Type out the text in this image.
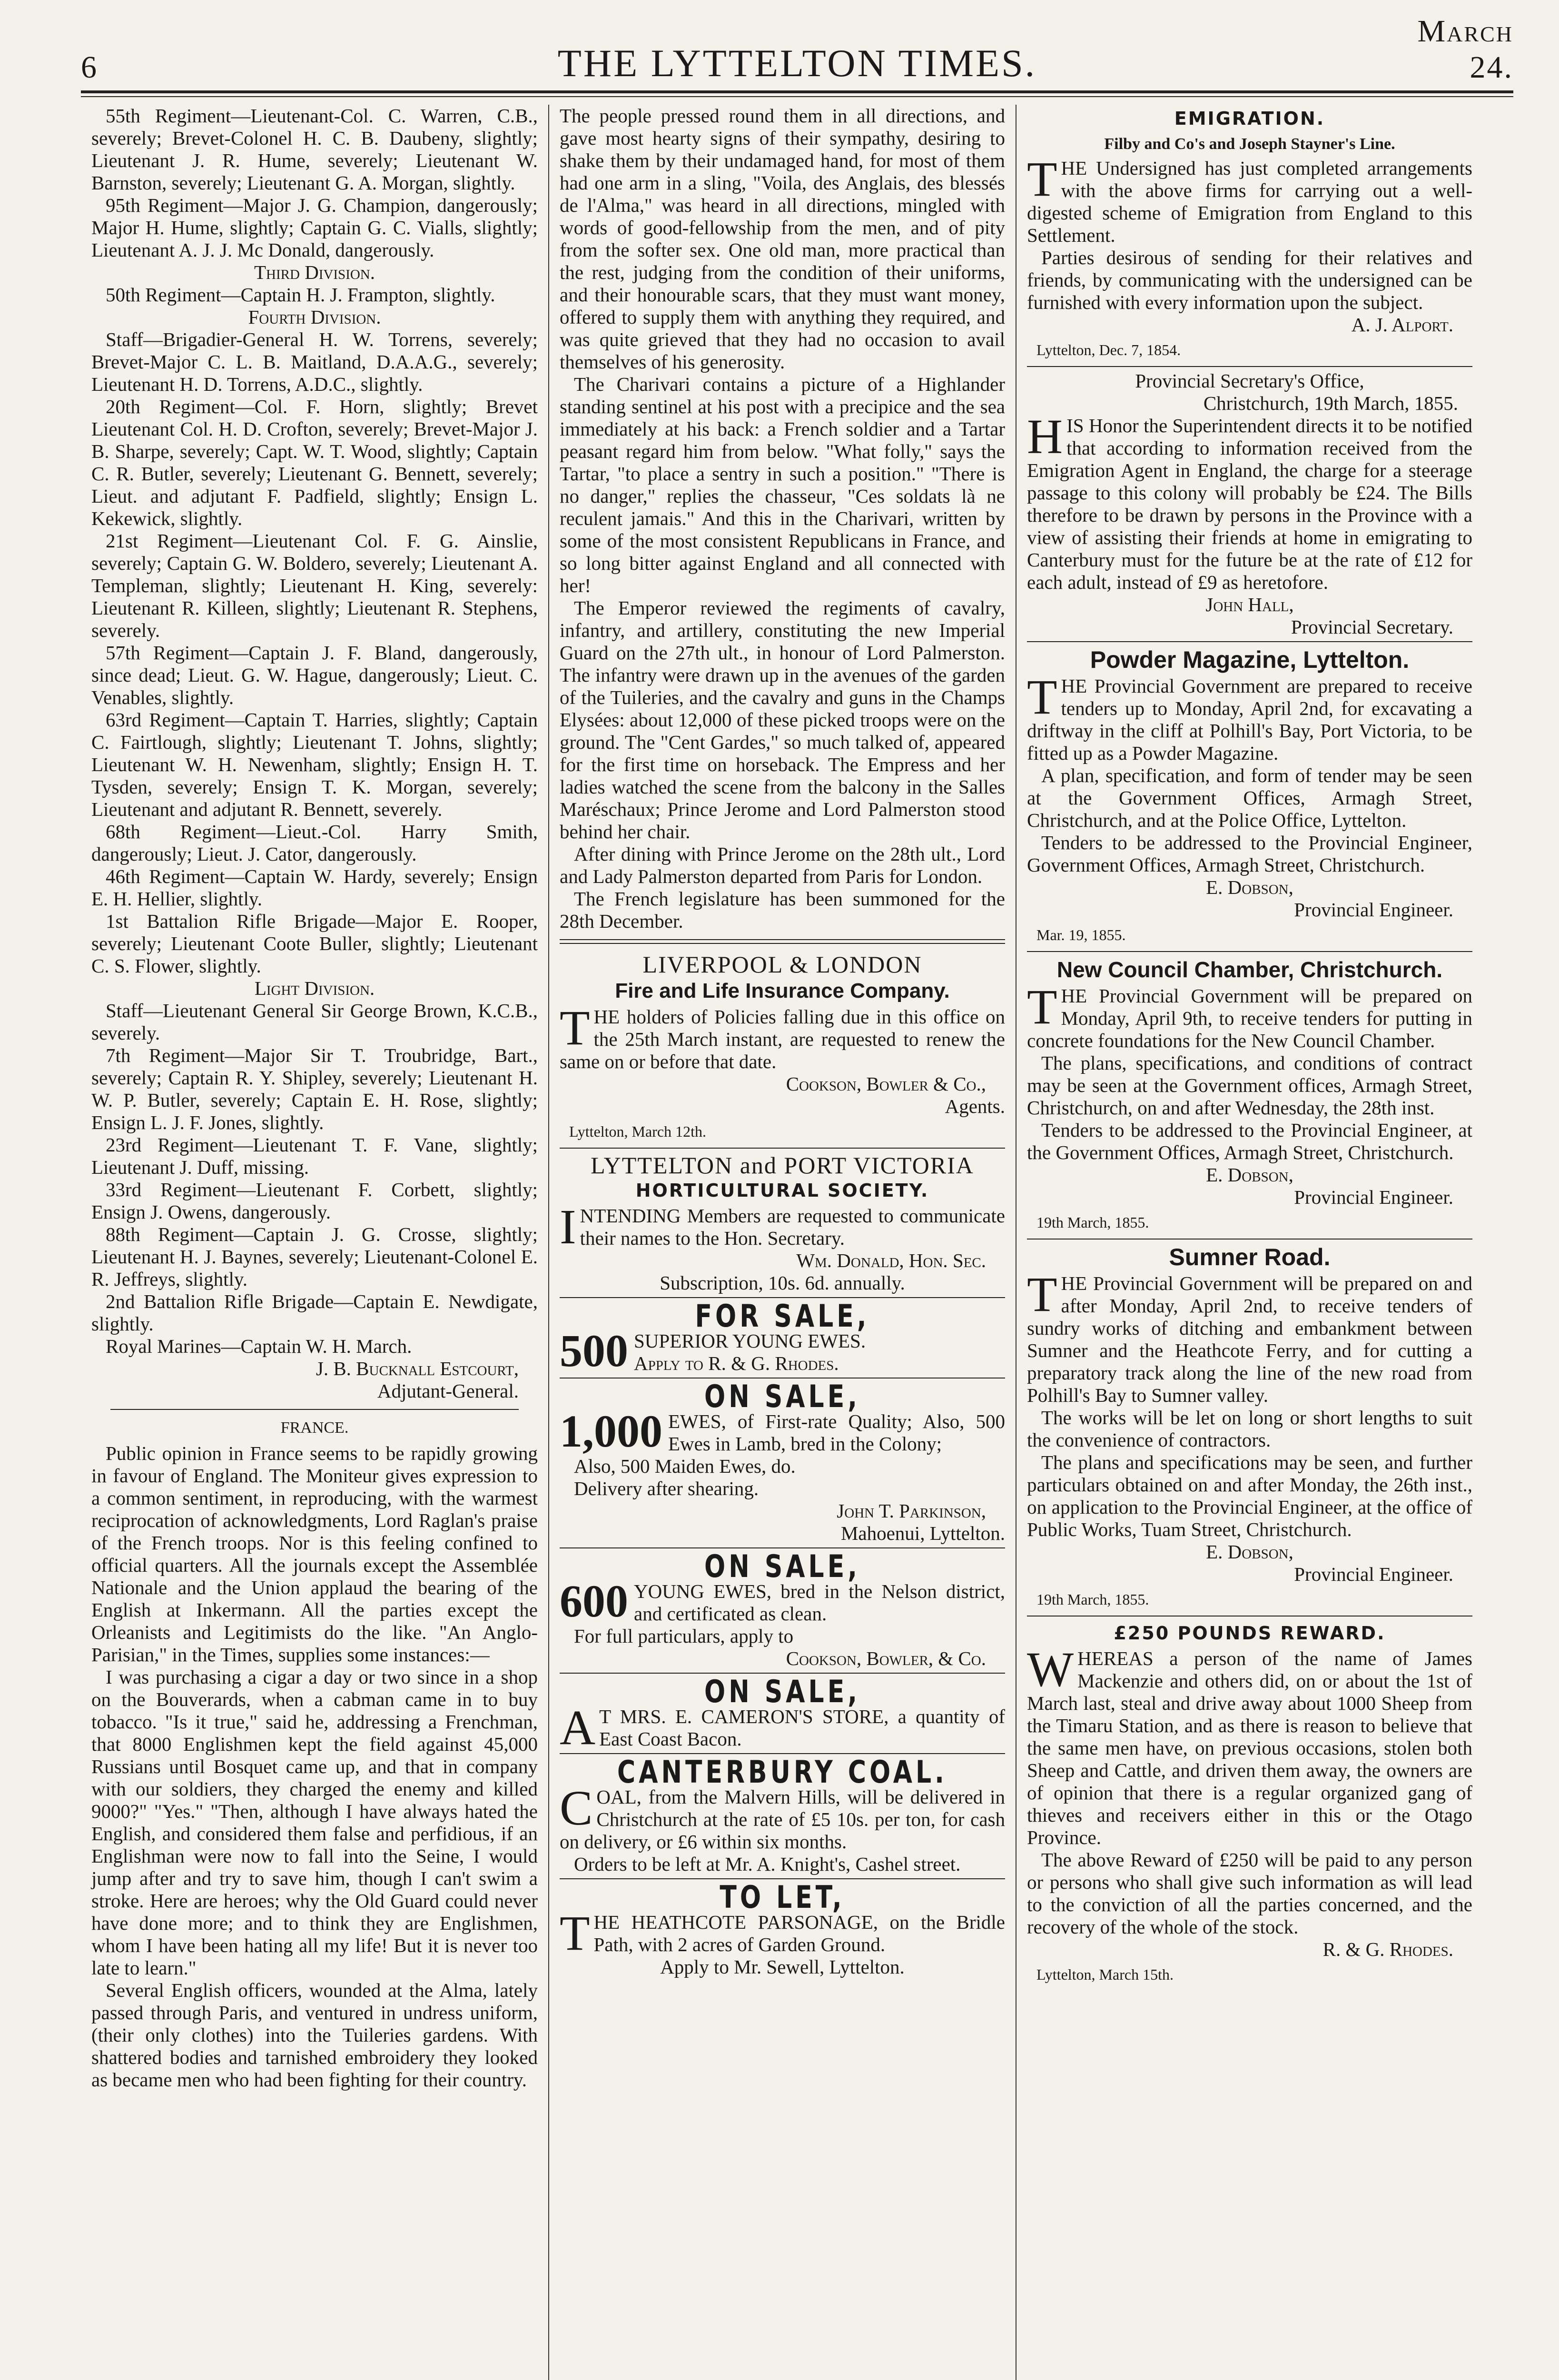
6	THE LYTTELTON TIMES.
March 24.

55th Regiment—Lieutenant-Col. C. Warren, C.B., severely; Brevet-Colonel H. C. B. Daubeny, slightly; Lieutenant J. R. Hume, severely; Lieutenant W. Barnston, severely; Lieutenant G. A. Morgan, slightly.

95th Regiment—Major J. G. Champion, dangerously; Major H. Hume, slightly; Captain G. C. Vialls, slightly; Lieutenant A. J. J. Mc Donald, dangerously.

Third Division.

50th Regiment—Captain H. J. Frampton, slightly.

Fourth Division.

Staff—Brigadier-General H. W. Torrens, severely; Brevet-Major C. L. B. Maitland, D.A.A.G., severely; Lieutenant H. D. Torrens, A.D.C., slightly.

20th Regiment—Col. F. Horn, slightly; Brevet Lieutenant Col. H. D. Crofton, severely; Brevet-Major J. B. Sharpe, severely; Capt. W. T. Wood, slightly; Captain C. R. Butler, severely; Lieutenant G. Bennett, severely; Lieut. and adjutant F. Padfield, slightly; Ensign L. Kekewick, slightly.

21st Regiment—Lieutenant Col. F. G. Ainslie, severely; Captain G. W. Boldero, severely; Lieutenant A. Templeman, slightly; Lieutenant H. King, severely: Lieutenant R. Killeen, slightly; Lieutenant R. Stephens, severely.

57th Regiment—Captain J. F. Bland, dangerously, since dead; Lieut. G. W. Hague, dangerously; Lieut. C. Venables, slightly.

63rd Regiment—Captain T. Harries, slightly; Captain C. Fairtlough, slightly; Lieutenant T. Johns, slightly; Lieutenant W. H. Newenham, slightly; Ensign H. T. Tysden, severely; Ensign T. K. Morgan, severely; Lieutenant and adjutant R. Bennett, severely.

68th Regiment—Lieut.-Col. Harry Smith, dangerously; Lieut. J. Cator, dangerously.

46th Regiment—Captain W. Hardy, severely; Ensign E. H. Hellier, slightly.

1st Battalion Rifle Brigade—Major E. Rooper, severely; Lieutenant Coote Buller, slightly; Lieutenant C. S. Flower, slightly.

Light Division.

Staff—Lieutenant General Sir George Brown, K.C.B., severely.

7th Regiment—Major Sir T. Troubridge, Bart., severely; Captain R. Y. Shipley, severely; Lieutenant H. W. P. Butler, severely; Captain E. H. Rose, slightly; Ensign L. J. F. Jones, slightly.

23rd Regiment—Lieutenant T. F. Vane, slightly; Lieutenant J. Duff, missing.

33rd Regiment—Lieutenant F. Corbett, slightly; Ensign J. Owens, dangerously.

88th Regiment—Captain J. G. Crosse, slightly; Lieutenant H. J. Baynes, severely; Lieutenant-Colonel E. R. Jeffreys, slightly.

2nd Battalion Rifle Brigade—Captain E. Newdigate, slightly.

Royal Marines—Captain W. H. March.

J. B. Bucknall Estcourt,

Adjutant-General.

FRANCE.

Public opinion in France seems to be rapidly growing in favour of England. The Moniteur gives expression to a common sentiment, in reproducing, with the warmest reciprocation of acknowledgments, Lord Raglan's praise of the French troops. Nor is this feeling confined to official quarters. All the journals except the Assemblée Nationale and the Union applaud the bearing of the English at Inkermann. All the parties except the Orleanists and Legitimists do the like. "An Anglo-Parisian," in the Times, supplies some instances:—

I was purchasing a cigar a day or two since in a shop on the Bouverards, when a cabman came in to buy tobacco. "Is it true," said he, addressing a Frenchman, that 8000 Englishmen kept the field against 45,000 Russians until Bosquet came up, and that in company with our soldiers, they charged the enemy and killed 9000?" "Yes." "Then, although I have always hated the English, and considered them false and perfidious, if an Englishman were now to fall into the Seine, I would jump after and try to save him, though I can't swim a stroke. Here are heroes; why the Old Guard could never have done more; and to think they are Englishmen, whom I have been hating all my life! But it is never too late to learn."

Several English officers, wounded at the Alma, lately passed through Paris, and ventured in undress uniform, (their only clothes) into the Tuileries gardens. With shattered bodies and tarnished embroidery they looked as became men who had been fighting for their country.

The people pressed round them in all directions, and gave most hearty signs of their sympathy, desiring to shake them by their undamaged hand, for most of them had one arm in a sling, "Voila, des Anglais, des blessés de l'Alma," was heard in all directions, mingled with words of good-fellowship from the men, and of pity from the softer sex. One old man, more practical than the rest, judging from the condition of their uniforms, and their honourable scars, that they must want money, offered to supply them with anything they required, and was quite grieved that they had no occasion to avail themselves of his generosity.

The Charivari contains a picture of a Highlander standing sentinel at his post with a precipice and the sea immediately at his back: a French soldier and a Tartar peasant regard him from below. "What folly," says the Tartar, "to place a sentry in such a position." "There is no danger," replies the chasseur, "Ces soldats là ne reculent jamais." And this in the Charivari, written by some of the most consistent Republicans in France, and so long bitter against England and all connected with her!

The Emperor reviewed the regiments of cavalry, infantry, and artillery, constituting the new Imperial Guard on the 27th ult., in honour of Lord Palmerston. The infantry were drawn up in the avenues of the garden of the Tuileries, and the cavalry and guns in the Champs Elysées: about 12,000 of these picked troops were on the ground. The "Cent Gardes," so much talked of, appeared for the first time on horseback. The Empress and her ladies watched the scene from the balcony in the Salles Maréschaux; Prince Jerome and Lord Palmerston stood behind her chair.

After dining with Prince Jerome on the 28th ult., Lord and Lady Palmerston departed from Paris for London.

The French legislature has been summoned for the 28th December.

LIVERPOOL & LONDON
Fire and Life Insurance Company.

THE holders of Policies falling due in this office on the 25th March instant, are requested to renew the same on or before that date.

Cookson, Bowler & Co.,

Agents.

Lyttelton, March 12th.

LYTTELTON and PORT VICTORIA
HORTICULTURAL SOCIETY.

INTENDING Members are requested to communicate their names to the Hon. Secretary.

Wm. Donald, Hon. Sec.

Subscription, 10s. 6d. annually.

FOR SALE,

500 SUPERIOR YOUNG EWES.

Apply to R. & G. Rhodes.

ON SALE,

1,000 EWES, of First-rate Quality; Also, 500 Ewes in Lamb, bred in the Colony;

Also, 500 Maiden Ewes, do.

Delivery after shearing.

John T. Parkinson,

Mahoenui, Lyttelton.

ON SALE,

600 YOUNG EWES, bred in the Nelson district, and certificated as clean.

For full particulars, apply to

Cookson, Bowler, & Co.

ON SALE,

A T MRS. E. CAMERON'S STORE, a quantity of East Coast Bacon.

CANTERBURY COAL.

COAL, from the Malvern Hills, will be delivered in Christchurch at the rate of £5 10s. per ton, for cash on delivery, or £6 within six months.

Orders to be left at Mr. A. Knight's, Cashel street.

TO LET,

THE HEATHCOTE PARSONAGE, on the Bridle Path, with 2 acres of Garden Ground.

Apply to Mr. Sewell, Lyttelton.

EMIGRATION.
Filby and Co's and Joseph Stayner's Line.

THE Undersigned has just completed arrangements with the above firms for carrying out a well-digested scheme of Emigration from England to this Settlement.

Parties desirous of sending for their relatives and friends, by communicating with the undersigned can be furnished with every information upon the subject.

A. J. Alport.

Lyttelton, Dec. 7, 1854.

Provincial Secretary's Office,

Christchurch, 19th March, 1855.

HIS Honor the Superintendent directs it to be notified that according to information received from the Emigration Agent in England, the charge for a steerage passage to this colony will probably be £24. The Bills therefore to be drawn by persons in the Province with a view of assisting their friends at home in emigrating to Canterbury must for the future be at the rate of £12 for each adult, instead of £9 as heretofore.

John Hall,

Provincial Secretary.

Powder Magazine, Lyttelton.

THE Provincial Government are prepared to receive tenders up to Monday, April 2nd, for excavating a driftway in the cliff at Polhill's Bay, Port Victoria, to be fitted up as a Powder Magazine.

A plan, specification, and form of tender may be seen at the Government Offices, Armagh Street, Christchurch, and at the Police Office, Lyttelton.

Tenders to be addressed to the Provincial Engineer, Government Offices, Armagh Street, Christchurch.

E. Dobson,

Provincial Engineer.

Mar. 19, 1855.

New Council Chamber, Christchurch.

THE Provincial Government will be prepared on Monday, April 9th, to receive tenders for putting in concrete foundations for the New Council Chamber.

The plans, specifications, and conditions of contract may be seen at the Government offices, Armagh Street, Christchurch, on and after Wednesday, the 28th inst.

Tenders to be addressed to the Provincial Engineer, at the Government Offices, Armagh Street, Christchurch.

E. Dobson,

Provincial Engineer.

19th March, 1855.

Sumner Road.

THE Provincial Government will be prepared on and after Monday, April 2nd, to receive tenders of sundry works of ditching and embankment between Sumner and the Heathcote Ferry, and for cutting a preparatory track along the line of the new road from Polhill's Bay to Sumner valley.

The works will be let on long or short lengths to suit the convenience of contractors.

The plans and specifications may be seen, and further particulars obtained on and after Monday, the 26th inst., on application to the Provincial Engineer, at the office of Public Works, Tuam Street, Christchurch.

E. Dobson,

Provincial Engineer.

19th March, 1855.

£250 POUNDS REWARD.

WHEREAS a person of the name of James Mackenzie and others did, on or about the 1st of March last, steal and drive away about 1000 Sheep from the Timaru Station, and as there is reason to believe that the same men have, on previous occasions, stolen both Sheep and Cattle, and driven them away, the owners are of opinion that there is a regular organized gang of thieves and receivers either in this or the Otago Province.

The above Reward of £250 will be paid to any person or persons who shall give such information as will lead to the conviction of all the parties concerned, and the recovery of the whole of the stock.

R. & G. Rhodes.

Lyttelton, March 15th.
